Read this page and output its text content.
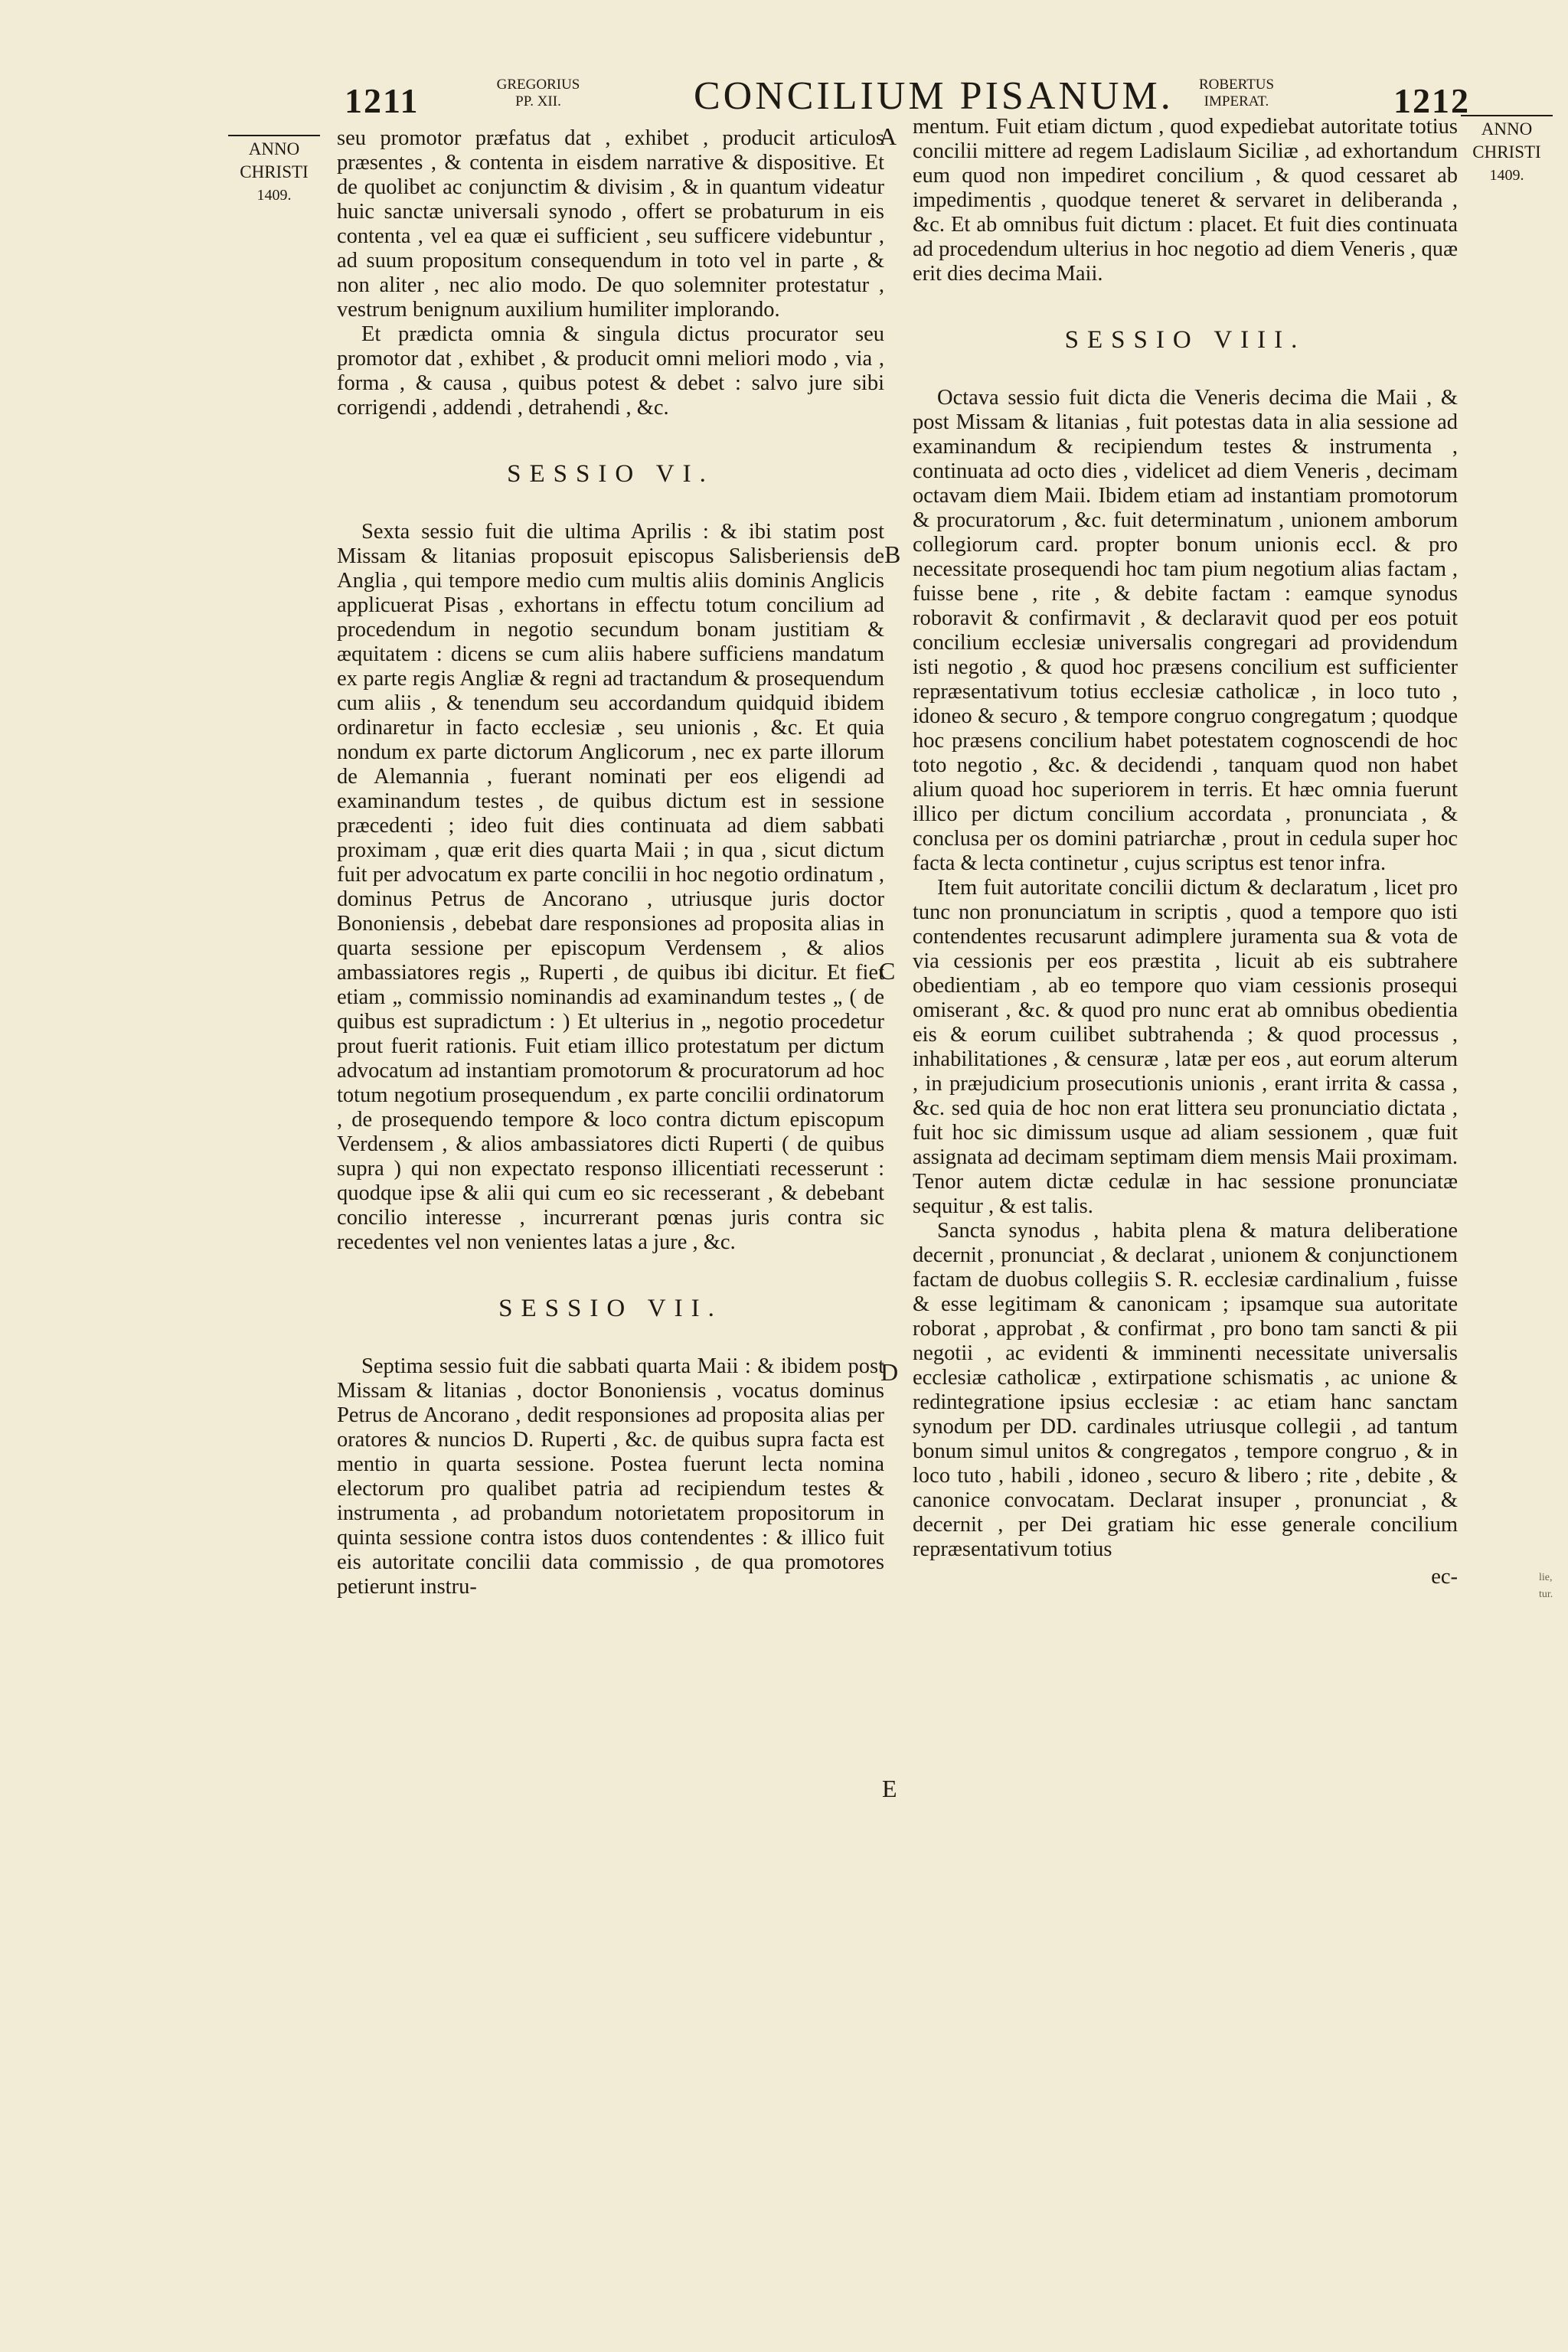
1211	GREGORIUS
PP. XII.	CONCILIUM PISANUM.	ROBERTUS
IMPERAT.	1212
ANNO
CHRISTI
1409.
ANNO
CHRISTI
1409.
A
B
C
D
E
lie,
tur.

seu promotor præfatus dat , exhibet , producit articulos præsentes , & contenta in eisdem narrative & dispositive. Et de quolibet ac conjunctim & divisim , & in quantum videatur huic sanctæ universali synodo , offert se probaturum in eis contenta , vel ea quæ ei sufficient , seu sufficere videbuntur , ad suum propositum consequendum in toto vel in parte , & non aliter , nec alio modo. De quo solemniter protestatur , vestrum benignum auxilium humiliter implorando.

Et prædicta omnia & singula dictus procurator seu promotor dat , exhibet , & producit omni meliori modo , via , forma , & causa , quibus potest & debet : salvo jure sibi corrigendi , addendi , detrahendi , &c.

SESSIO VI.

Sexta sessio fuit die ultima Aprilis : & ibi statim post Missam & litanias proposuit episcopus Salisberiensis de Anglia , qui tempore medio cum multis aliis dominis Anglicis applicuerat Pisas , exhortans in effectu totum concilium ad procedendum in negotio secundum bonam justitiam & æquitatem : dicens se cum aliis habere sufficiens mandatum ex parte regis Angliæ & regni ad tractandum & prosequendum cum aliis , & tenendum seu accordandum quidquid ibidem ordinaretur in facto ecclesiæ , seu unionis , &c. Et quia nondum ex parte dictorum Anglicorum , nec ex parte illorum de Alemannia , fuerant nominati per eos eligendi ad examinandum testes , de quibus dictum est in sessione præcedenti ; ideo fuit dies continuata ad diem sabbati proximam , quæ erit dies quarta Maii ; in qua , sicut dictum fuit per advocatum ex parte concilii in hoc negotio ordinatum , dominus Petrus de Ancorano , utriusque juris doctor Bononiensis , debebat dare responsiones ad proposita alias in quarta sessione per episcopum Verdensem , & alios ambassiatores regis „ Ruperti , de quibus ibi dicitur. Et fiet etiam „ commissio nominandis ad examinandum testes „ ( de quibus est supradictum : ) Et ulterius in „ negotio procedetur prout fuerit rationis. Fuit etiam illico protestatum per dictum advocatum ad instantiam promotorum & procuratorum ad hoc totum negotium prosequendum , ex parte concilii ordinatorum , de prosequendo tempore & loco contra dictum episcopum Verdensem , & alios ambassiatores dicti Ruperti ( de quibus supra ) qui non expectato responso illicentiati recesserunt : quodque ipse & alii qui cum eo sic recesserant , & debebant concilio interesse , incurrerant pœnas juris contra sic recedentes vel non venientes latas a jure , &c.

SESSIO VII.

Septima sessio fuit die sabbati quarta Maii : & ibidem post Missam & litanias , doctor Bononiensis , vocatus dominus Petrus de Ancorano , dedit responsiones ad proposita alias per oratores & nuncios D. Ruperti , &c. de quibus supra facta est mentio in quarta sessione. Postea fuerunt lecta nomina electorum pro qualibet patria ad recipiendum testes & instrumenta , ad probandum notorietatem propositorum in quinta sessione contra istos duos contendentes : & illico fuit eis autoritate concilii data commissio , de qua promotores petierunt instru-

mentum. Fuit etiam dictum , quod expediebat autoritate totius concilii mittere ad regem Ladislaum Siciliæ , ad exhortandum eum quod non impediret concilium , & quod cessaret ab impedimentis , quodque teneret & servaret in deliberanda , &c. Et ab omnibus fuit dictum : placet. Et fuit dies continuata ad procedendum ulterius in hoc negotio ad diem Veneris , quæ erit dies decima Maii.

SESSIO VIII.

Octava sessio fuit dicta die Veneris decima die Maii , & post Missam & litanias , fuit potestas data in alia sessione ad examinandum & recipiendum testes & instrumenta , continuata ad octo dies , videlicet ad diem Veneris , decimam octavam diem Maii. Ibidem etiam ad instantiam promotorum & procuratorum , &c. fuit determinatum , unionem amborum collegiorum card. propter bonum unionis eccl. & pro necessitate prosequendi hoc tam pium negotium alias factam , fuisse bene , rite , & debite factam : eamque synodus roboravit & confirmavit , & declaravit quod per eos potuit concilium ecclesiæ universalis congregari ad providendum isti negotio , & quod hoc præsens concilium est sufficienter repræsentativum totius ecclesiæ catholicæ , in loco tuto , idoneo & securo , & tempore congruo congregatum ; quodque hoc præsens concilium habet potestatem cognoscendi de hoc toto negotio , &c. & decidendi , tanquam quod non habet alium quoad hoc superiorem in terris. Et hæc omnia fuerunt illico per dictum concilium accordata , pronunciata , & conclusa per os domini patriarchæ , prout in cedula super hoc facta & lecta continetur , cujus scriptus est tenor infra.

Item fuit autoritate concilii dictum & declaratum , licet pro tunc non pronunciatum in scriptis , quod a tempore quo isti contendentes recusarunt adimplere juramenta sua & vota de via cessionis per eos præstita , licuit ab eis subtrahere obedientiam , ab eo tempore quo viam cessionis prosequi omiserant , &c. & quod pro nunc erat ab omnibus obedientia eis & eorum cuilibet subtrahenda ; & quod processus , inhabilitationes , & censuræ , latæ per eos , aut eorum alterum , in præjudicium prosecutionis unionis , erant irrita & cassa , &c. sed quia de hoc non erat littera seu pronunciatio dictata , fuit hoc sic dimissum usque ad aliam sessionem , quæ fuit assignata ad decimam septimam diem mensis Maii proximam. Tenor autem dictæ cedulæ in hac sessione pronunciatæ sequitur , & est talis.

Sancta synodus , habita plena & matura deliberatione decernit , pronunciat , & declarat , unionem & conjunctionem factam de duobus collegiis S. R. ecclesiæ cardinalium , fuisse & esse legitimam & canonicam ; ipsamque sua autoritate roborat , approbat , & confirmat , pro bono tam sancti & pii negotii , ac evidenti & imminenti necessitate universalis ecclesiæ catholicæ , extirpatione schismatis , ac unione & redintegratione ipsius ecclesiæ : ac etiam hanc sanctam synodum per DD. cardinales utriusque collegii , ad tantum bonum simul unitos & congregatos , tempore congruo , & in loco tuto , habili , idoneo , securo & libero ; rite , debite , & canonice convocatam. Declarat insuper , pronunciat , & decernit , per Dei gratiam hic esse generale concilium repræsentativum totius

ec-
